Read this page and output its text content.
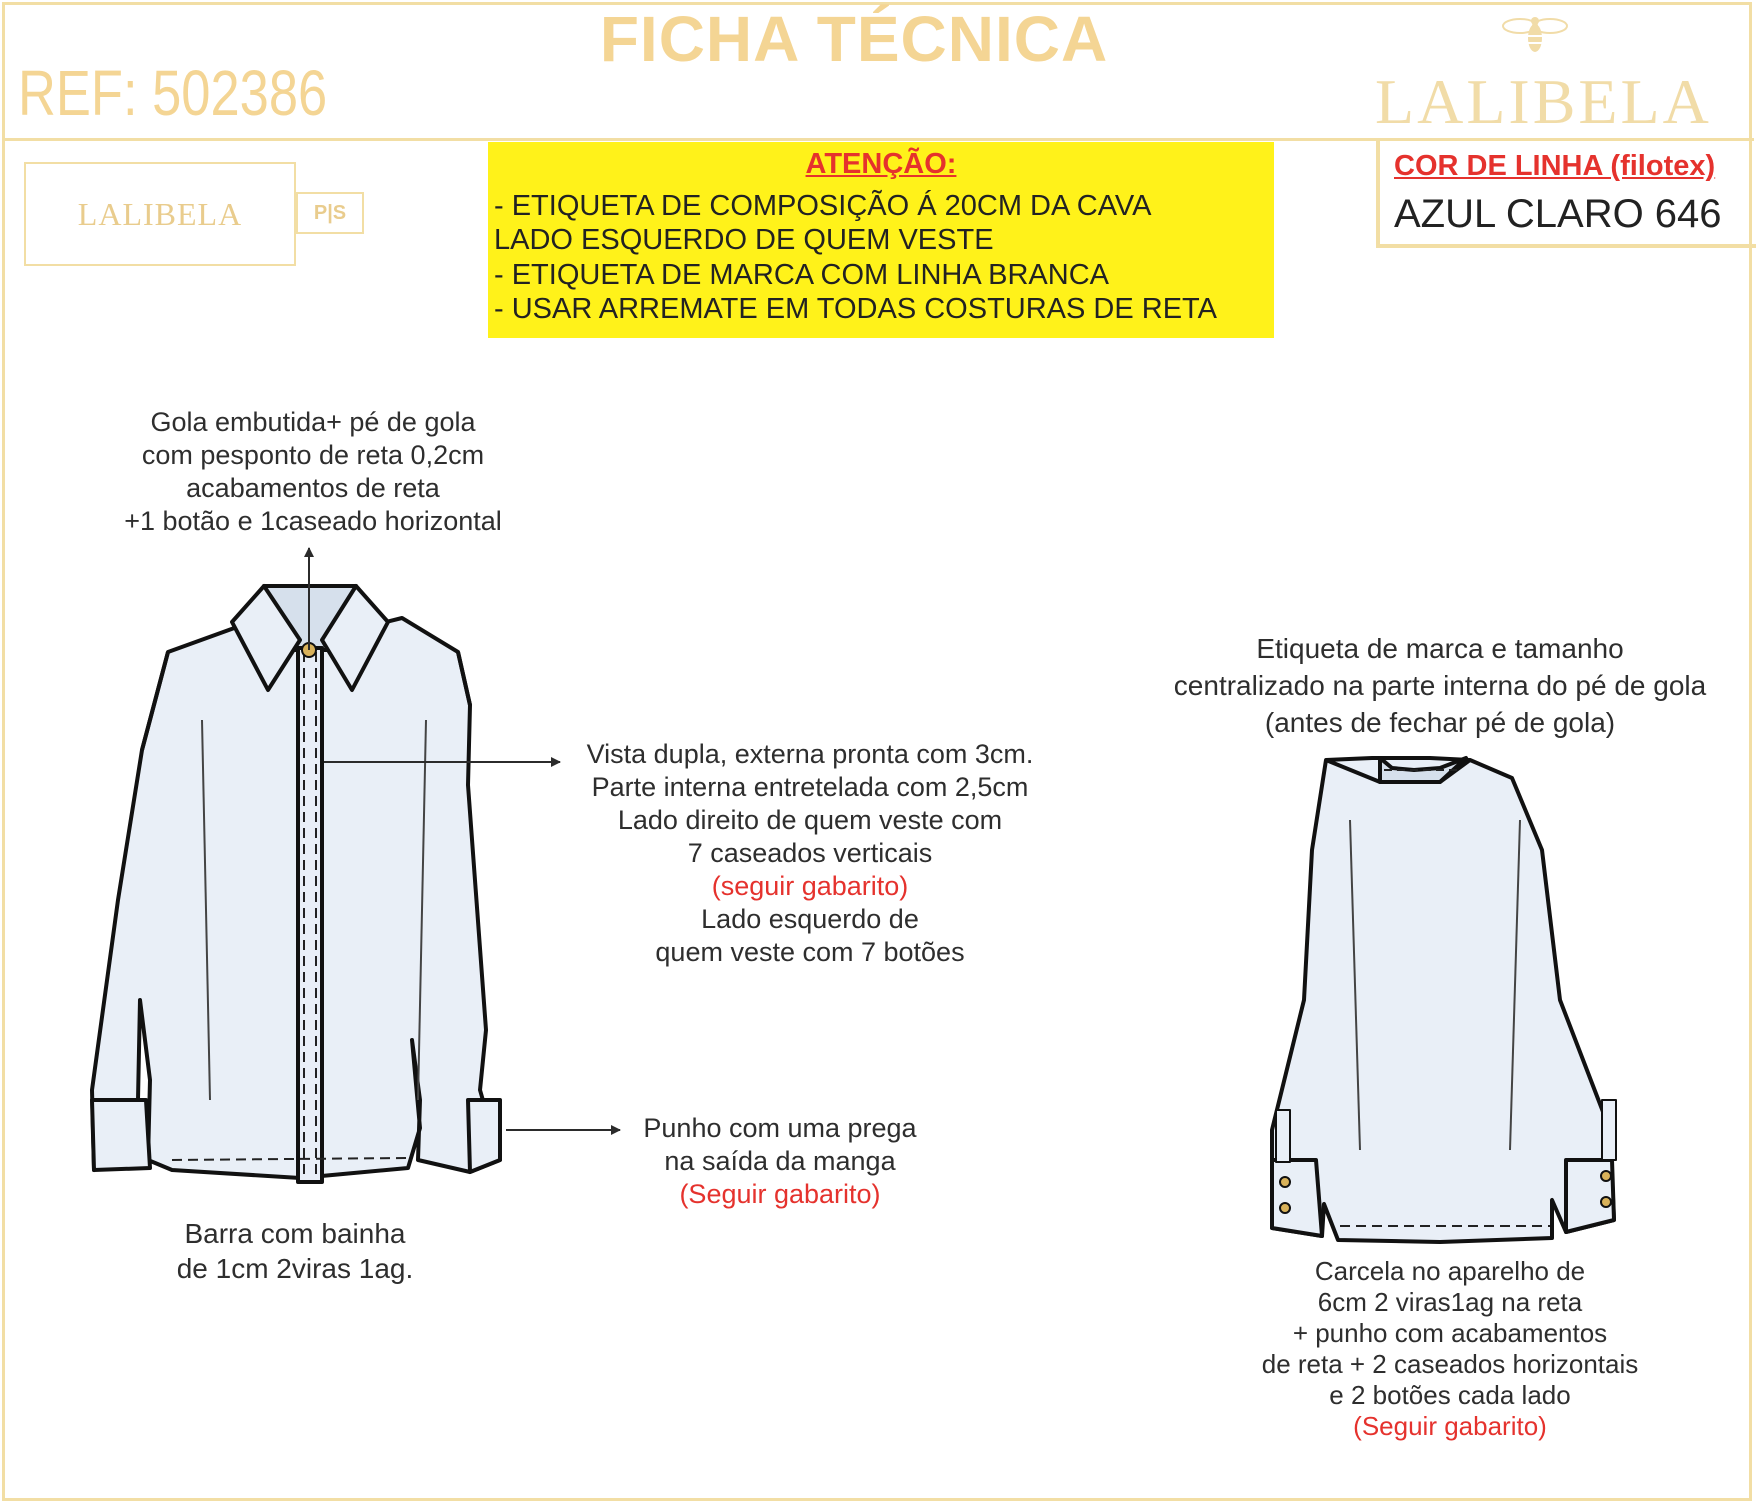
FICHA TÉCNICA
REF: 502386	LALIBELA
LALIBELA	P|S
ATENÇÃO:
- ETIQUETA DE COMPOSIÇÃO Á 20CM DA CAVA
LADO ESQUERDO DE QUEM VESTE
- ETIQUETA DE MARCA COM LINHA BRANCA
- USAR ARREMATE EM TODAS COSTURAS DE RETA
COR DE LINHA (filotex)
AZUL CLARO 646
Gola embutida+ pé de gola
com pesponto de reta 0,2cm
acabamentos de reta
+1 botão e 1caseado horizontal
Vista dupla, externa pronta com 3cm.
Parte interna entretelada com 2,5cm
Lado direito de quem veste com
7 caseados verticais
(seguir gabarito)
Lado esquerdo de
quem veste com 7 botões
Punho com uma prega
na saída da manga
(Seguir gabarito)
Barra com bainha
de 1cm 2viras 1ag.
Etiqueta de marca e tamanho
centralizado na parte interna do pé de gola
(antes de fechar pé de gola)
Carcela no aparelho de
6cm 2 viras1ag na reta
+ punho com acabamentos
de reta + 2 caseados horizontais
e 2 botões cada lado
(Seguir gabarito)
